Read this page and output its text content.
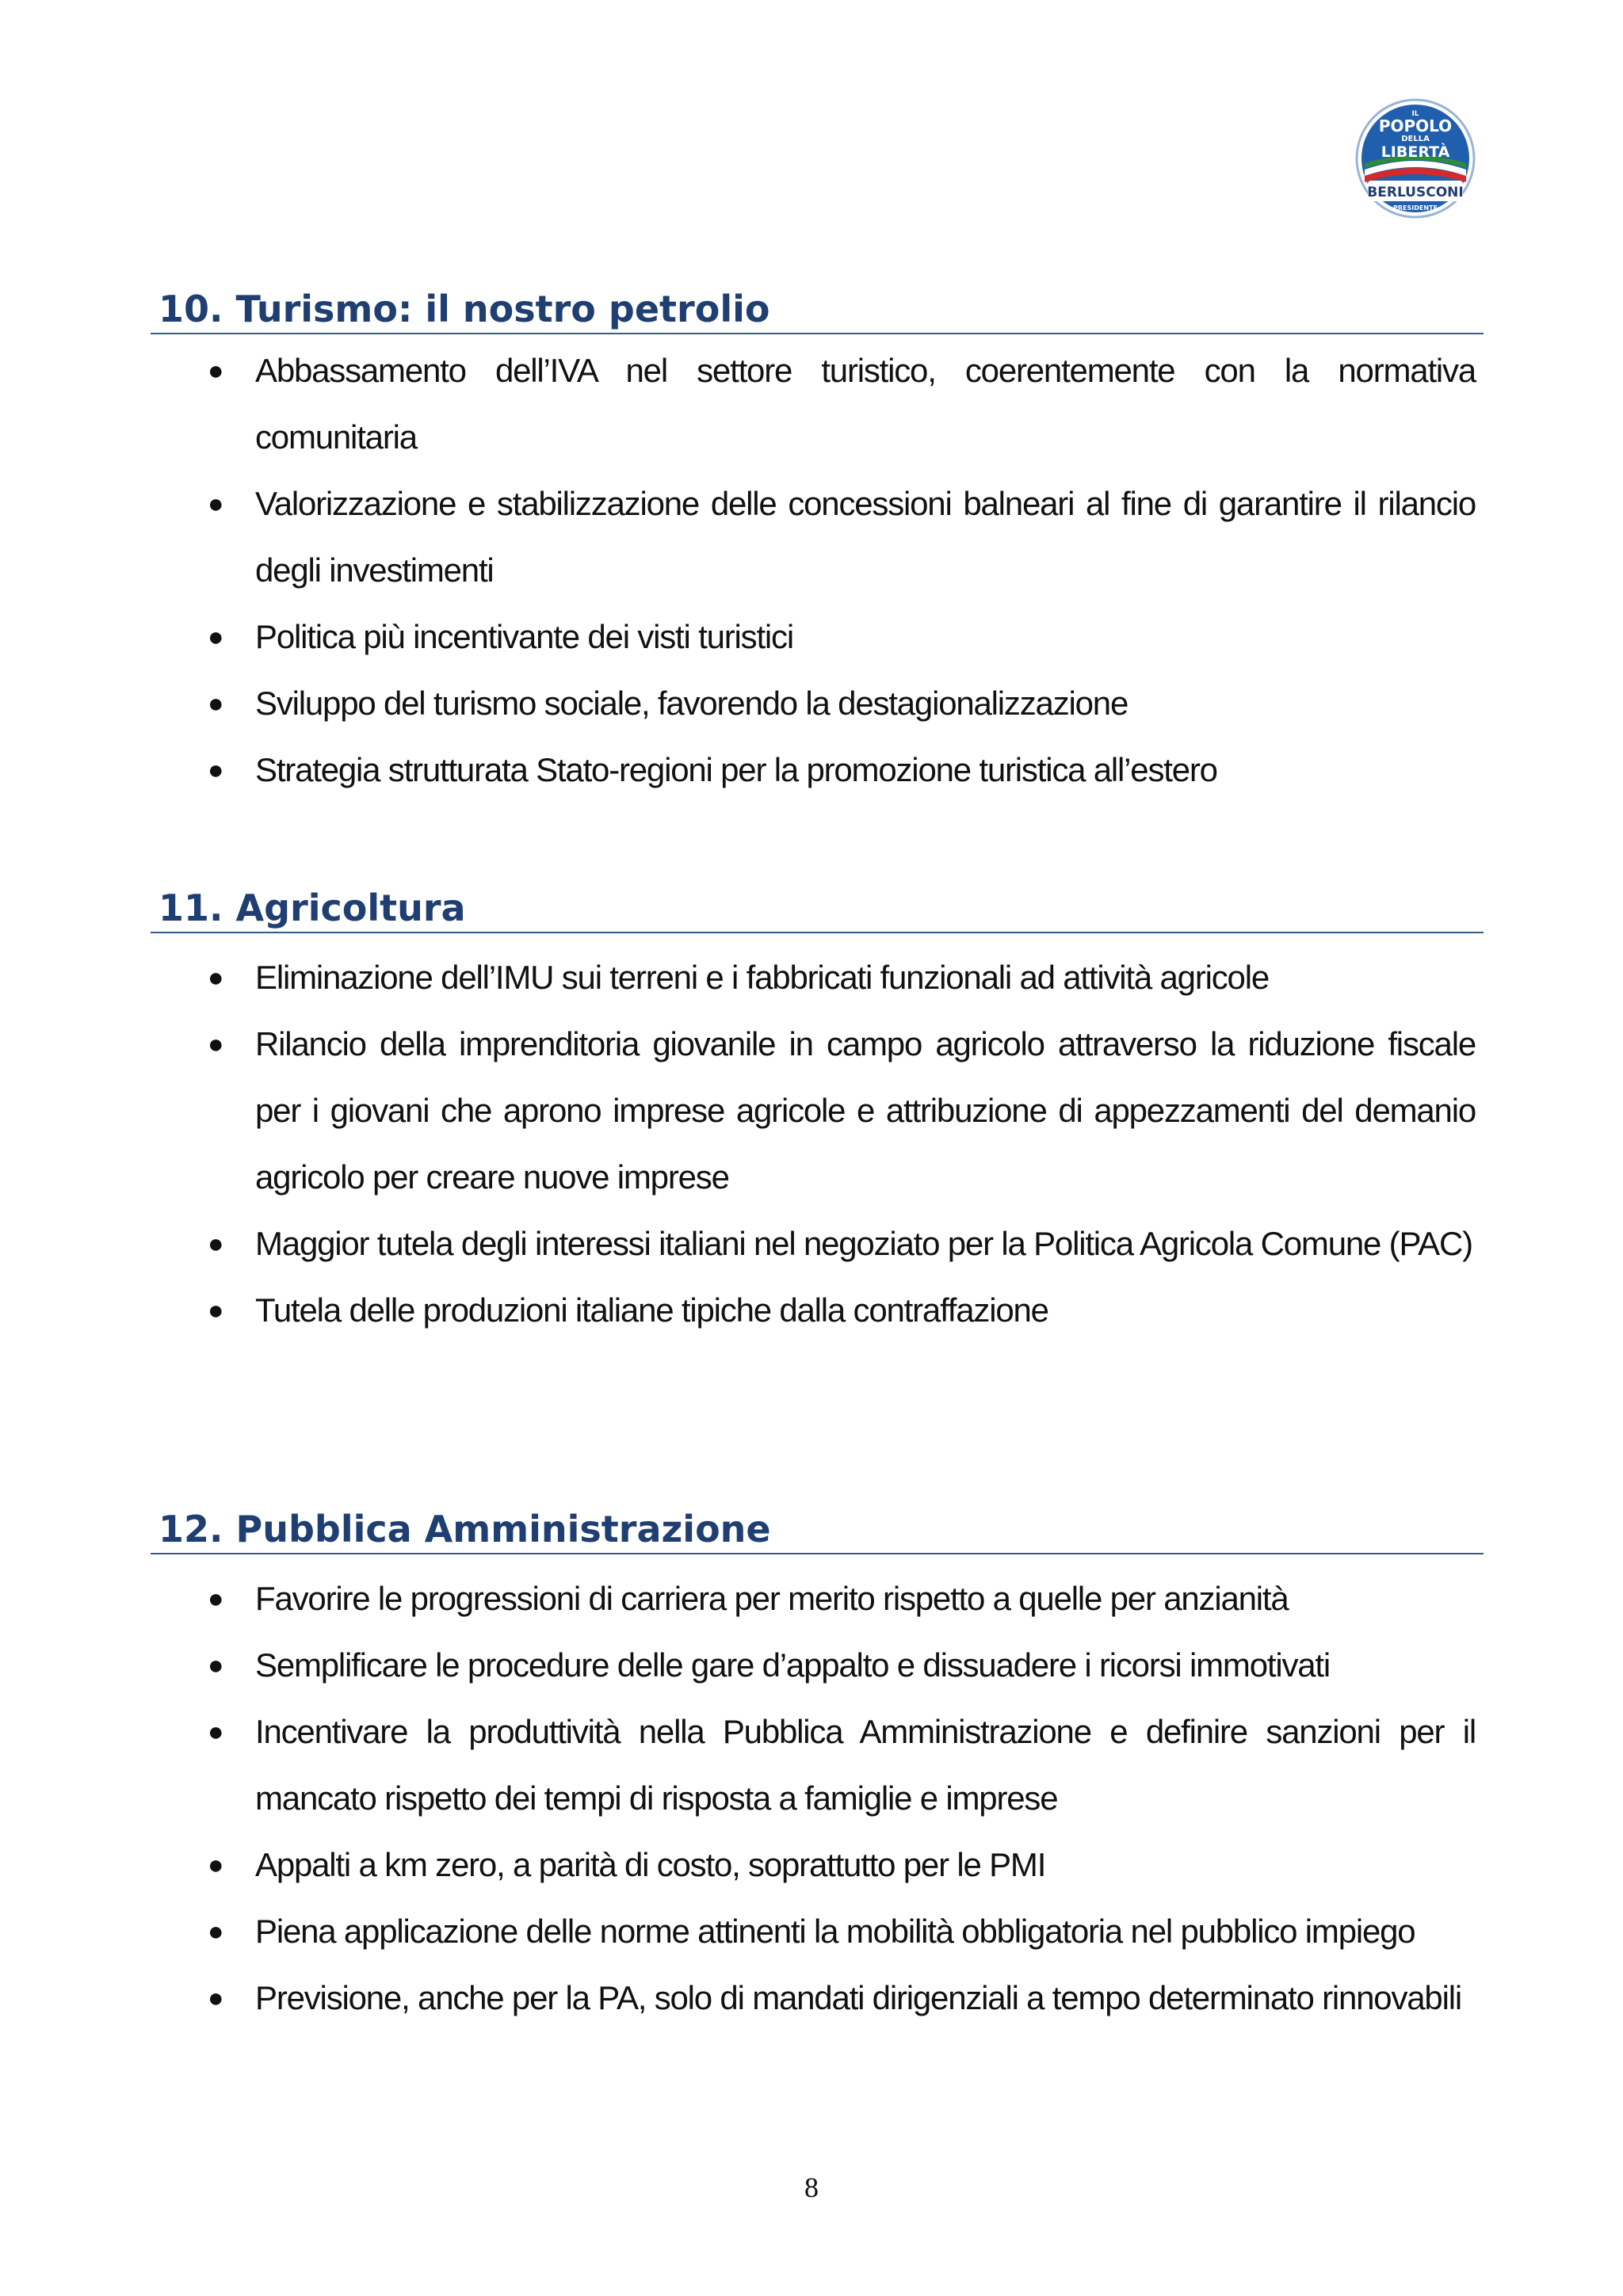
IL
POPOLO
DELLA
LIBERTÀ
BERLUSCONI
PRESIDENTE
10. Turismo: il nostro petrolio
● Abbassamento dell’IVA nel settore turistico, coerentemente con la normativa comunitaria
● Valorizzazione e stabilizzazione delle concessioni balneari al fine di garantire il rilancio degli investimenti
● Politica più incentivante dei visti turistici
● Sviluppo del turismo sociale, favorendo la destagionalizzazione
● Strategia strutturata Stato-regioni per la promozione turistica all’estero
11. Agricoltura
● Eliminazione dell’IMU sui terreni e i fabbricati funzionali ad attività agricole
● Rilancio della imprenditoria giovanile in campo agricolo attraverso la riduzione fiscale per i giovani che aprono imprese agricole e attribuzione di appezzamenti del demanio agricolo per creare nuove imprese
● Maggior tutela degli interessi italiani nel negoziato per la Politica Agricola Comune (PAC)
● Tutela delle produzioni italiane tipiche dalla contraffazione
12. Pubblica Amministrazione
● Favorire le progressioni di carriera per merito rispetto a quelle per anzianità
● Semplificare le procedure delle gare d’appalto e dissuadere i ricorsi immotivati
● Incentivare la produttività nella Pubblica Amministrazione e definire sanzioni per il mancato rispetto dei tempi di risposta a famiglie e imprese
● Appalti a km zero, a parità di costo, soprattutto per le PMI
● Piena applicazione delle norme attinenti la mobilità obbligatoria nel pubblico impiego
● Previsione, anche per la PA, solo di mandati dirigenziali a tempo determinato rinnovabili
8
